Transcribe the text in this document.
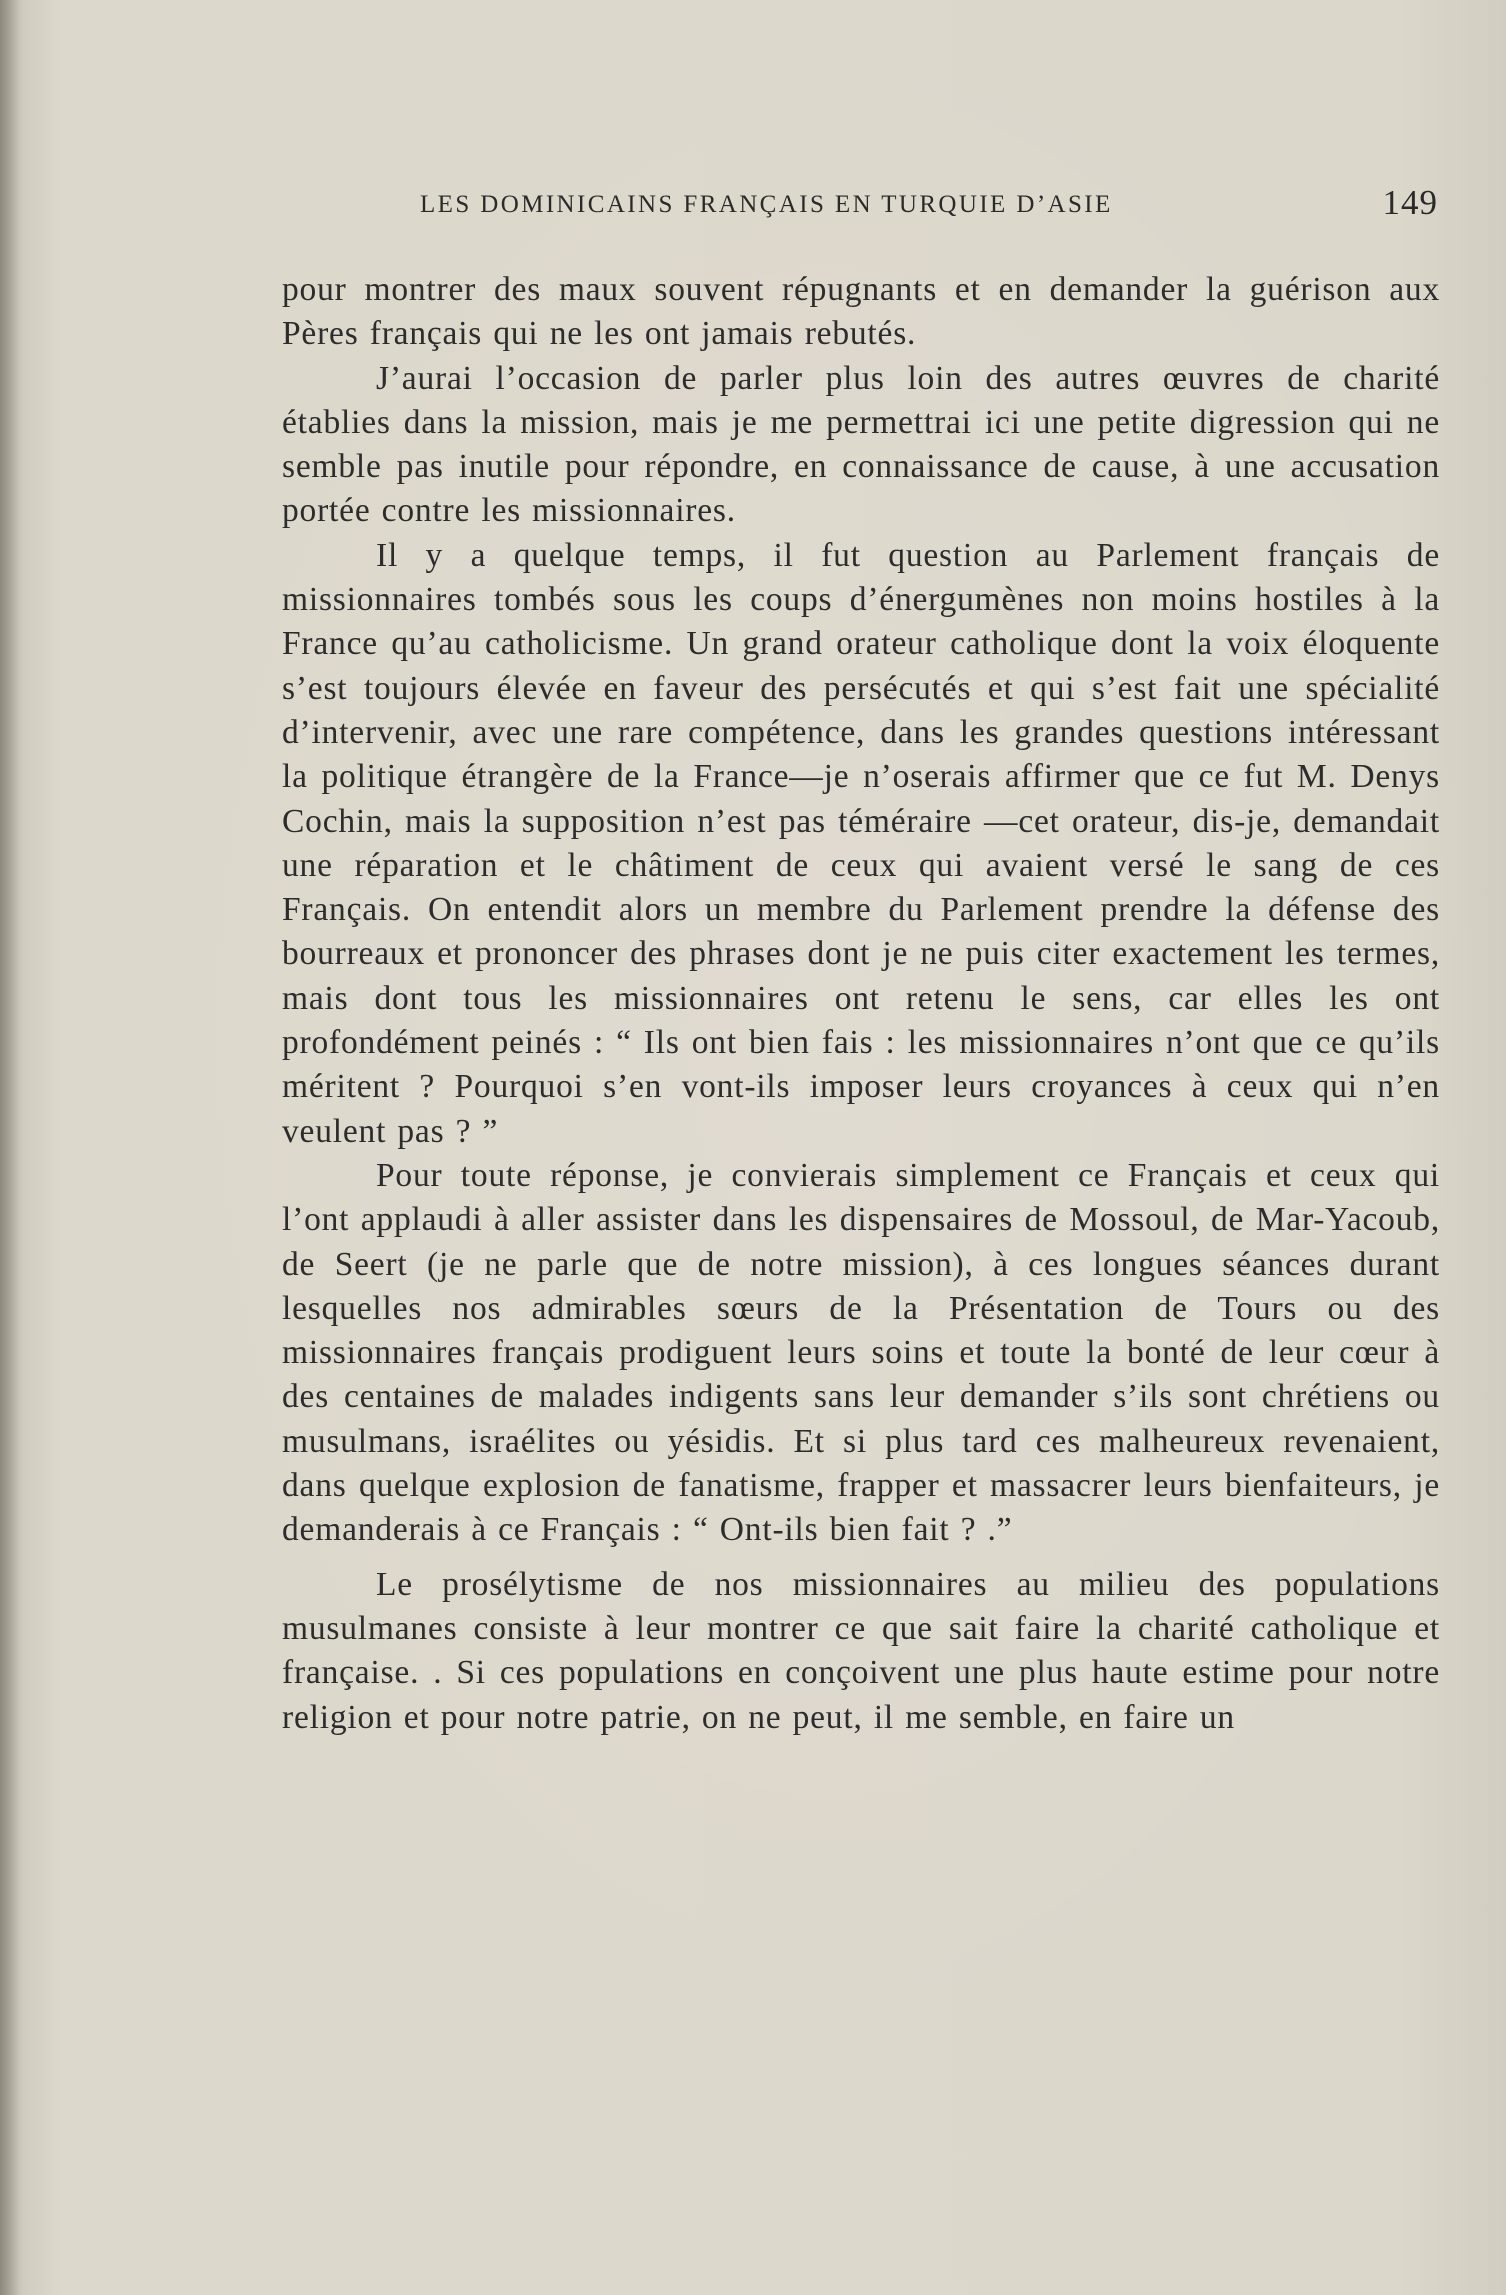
LES DOMINICAINS FRANÇAIS EN TURQUIE D’ASIE	149

pour montrer des maux souvent répugnants et en demander la guérison aux Pères français qui ne les ont jamais rebutés.

J’aurai l’occasion de parler plus loin des autres œuvres de charité établies dans la mission, mais je me permettrai ici une petite digression qui ne semble pas inutile pour répondre, en connaissance de cause, à une accusation portée contre les missionnaires.

Il y a quelque temps, il fut question au Parlement français de missionnaires tombés sous les coups d’énergumènes non moins hostiles à la France qu’au catholicisme. Un grand orateur catholique dont la voix éloquente s’est toujours élevée en faveur des persécutés et qui s’est fait une spécialité d’intervenir, avec une rare compétence, dans les grandes questions intéressant la politique étrangère de la France—je n’oserais affirmer que ce fut M. Denys Cochin, mais la supposition n’est pas téméraire —cet orateur, dis-je, demandait une réparation et le châtiment de ceux qui avaient versé le sang de ces Français. On entendit alors un membre du Parlement prendre la défense des bourreaux et prononcer des phrases dont je ne puis citer exactement les termes, mais dont tous les missionnaires ont retenu le sens, car elles les ont profondément peinés : “ Ils ont bien fais : les missionnaires n’ont que ce qu’ils méritent ? Pourquoi s’en vont-ils imposer leurs croyances à ceux qui n’en veulent pas ? ”

Pour toute réponse, je convierais simplement ce Français et ceux qui l’ont applaudi à aller assister dans les dispensaires de Mossoul, de Mar-Yacoub, de Seert (je ne parle que de notre mission), à ces longues séances durant lesquelles nos admirables sœurs de la Présentation de Tours ou des missionnaires français prodiguent leurs soins et toute la bonté de leur cœur à des centaines de malades indigents sans leur demander s’ils sont chrétiens ou musulmans, israélites ou yésidis. Et si plus tard ces malheureux revenaient, dans quelque explosion de fanatisme, frapper et massacrer leurs bienfaiteurs, je demanderais à ce Français : “ Ont-ils bien fait ? .”

Le prosélytisme de nos missionnaires au milieu des populations musulmanes consiste à leur montrer ce que sait faire la charité catholique et française. . Si ces populations en conçoivent une plus haute estime pour notre religion et pour notre patrie, on ne peut, il me semble, en faire un
